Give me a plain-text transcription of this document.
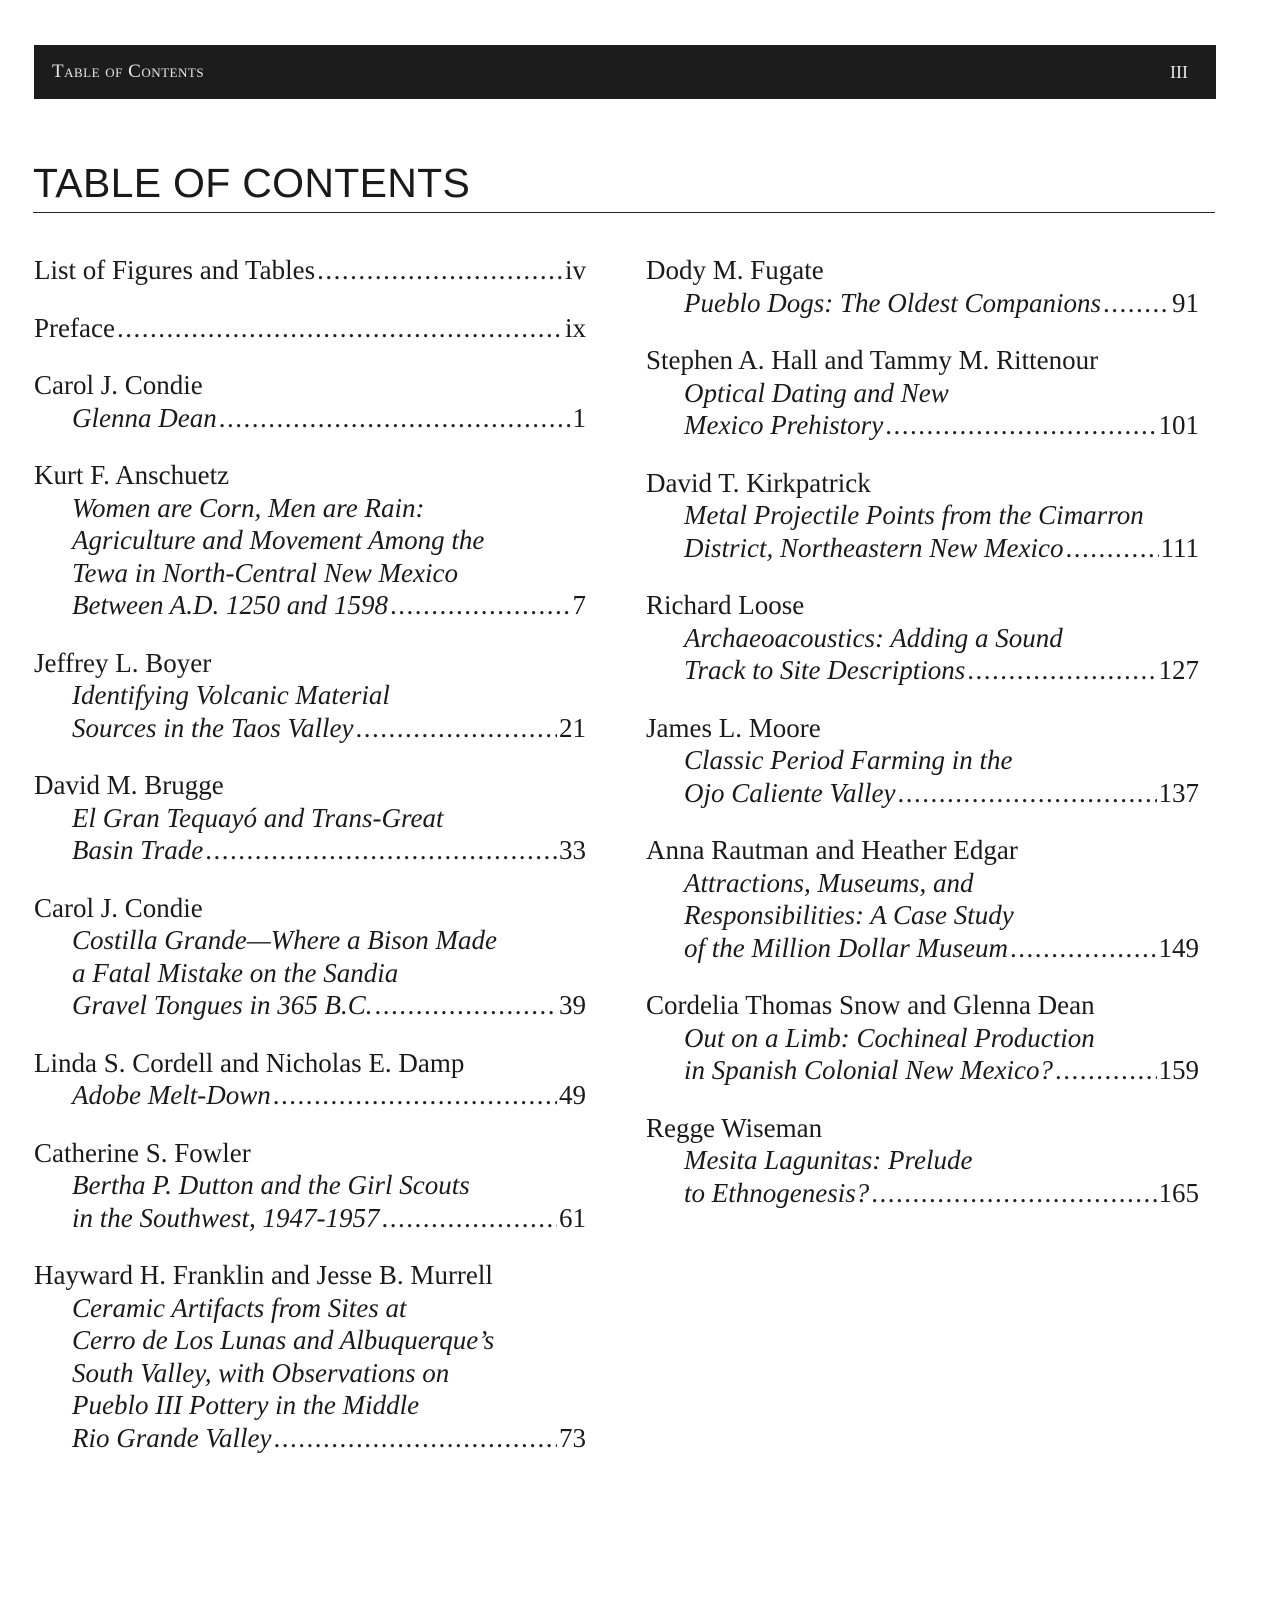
Table of Contents	III
TABLE OF CONTENTS
List of Figures and Tables .....	iv
Preface .....	ix
Carol J. Condie
Glenna Dean .....	1
Kurt F. Anschuetz
Women are Corn, Men are Rain:
Agriculture and Movement Among the
Tewa in North-Central New Mexico
Between A.D. 1250 and 1598 .....	7
Jeffrey L. Boyer
Identifying Volcanic Material
Sources in the Taos Valley .....	21
David M. Brugge
El Gran Tequayó and Trans-Great
Basin Trade .....	33
Carol J. Condie
Costilla Grande—Where a Bison Made
a Fatal Mistake on the Sandia
Gravel Tongues in 365 B.C. .....	39
Linda S. Cordell and Nicholas E. Damp
Adobe Melt-Down .....	49
Catherine S. Fowler
Bertha P. Dutton and the Girl Scouts
in the Southwest, 1947-1957 .....	61
Hayward H. Franklin and Jesse B. Murrell
Ceramic Artifacts from Sites at
Cerro de Los Lunas and Albuquerque’s
South Valley, with Observations on
Pueblo III Pottery in the Middle
Rio Grande Valley .....	73
Dody M. Fugate
Pueblo Dogs: The Oldest Companions .....	91
Stephen A. Hall and Tammy M. Rittenour
Optical Dating and New
Mexico Prehistory .....	101
David T. Kirkpatrick
Metal Projectile Points from the Cimarron
District, Northeastern New Mexico .....	111
Richard Loose
Archaeoacoustics: Adding a Sound
Track to Site Descriptions .....	127
James L. Moore
Classic Period Farming in the
Ojo Caliente Valley .....	137
Anna Rautman and Heather Edgar
Attractions, Museums, and
Responsibilities: A Case Study
of the Million Dollar Museum .....	149
Cordelia Thomas Snow and Glenna Dean
Out on a Limb: Cochineal Production
in Spanish Colonial New Mexico? .....	159
Regge Wiseman
Mesita Lagunitas: Prelude
to Ethnogenesis? .....	165
